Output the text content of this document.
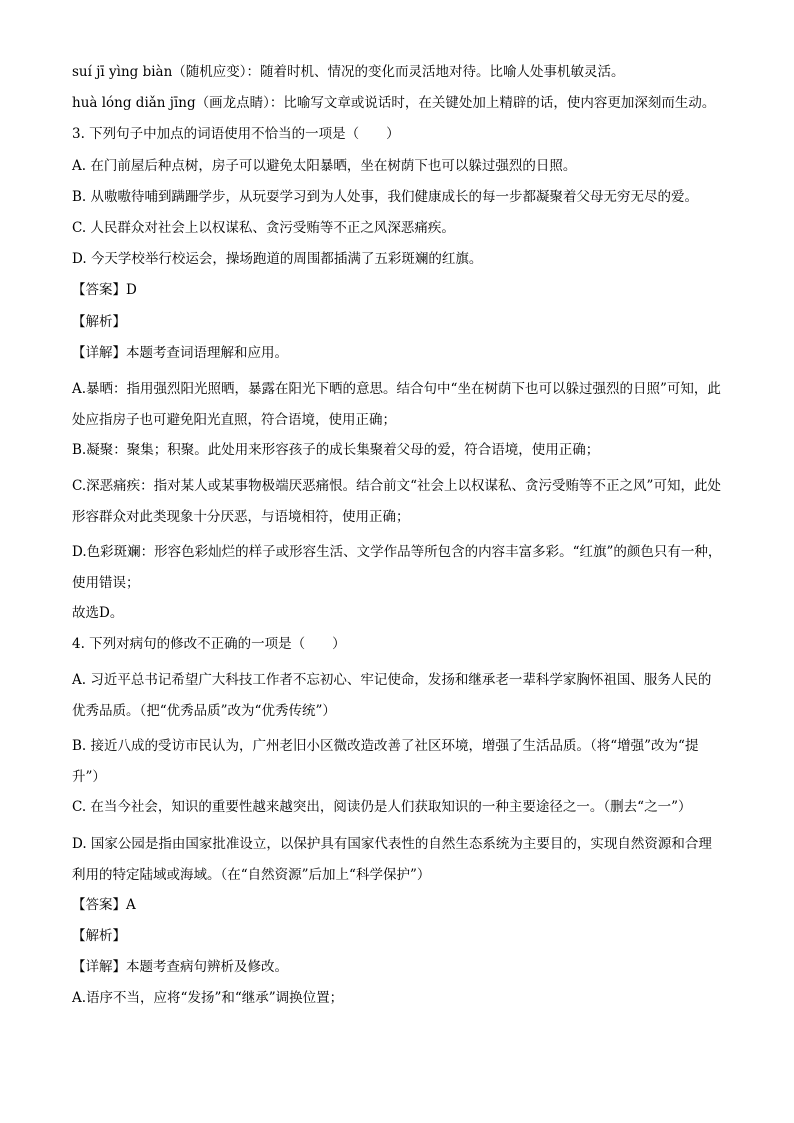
suí jī yìng biàn（随机应变）：随着时机、情况的变化而灵活地对待。比喻人处事机敏灵活。

huà lóng diǎn jīng（画龙点睛）：比喻写文章或说话时，在关键处加上精辟的话，使内容更加深刻而生动。

3. 下列句子中加点的词语使用不恰当的一项是（　　）

A. 在门前屋后种点树，房子可以避免太阳暴晒，坐在树荫下也可以躲过强烈的日照。

B. 从嗷嗷待哺到蹒跚学步，从玩耍学习到为人处事，我们健康成长的每一步都凝聚着父母无穷无尽的爱。

C. 人民群众对社会上以权谋私、贪污受贿等不正之风深恶痛疾。

D. 今天学校举行校运会，操场跑道的周围都插满了五彩斑斓的红旗。

【答案】D

【解析】

【详解】本题考查词语理解和应用。

A.暴晒：指用强烈阳光照晒，暴露在阳光下晒的意思。结合句中“坐在树荫下也可以躲过强烈的日照”可知，此处应指房子也可避免阳光直照，符合语境，使用正确；

B.凝聚：聚集；积聚。此处用来形容孩子的成长集聚着父母的爱，符合语境，使用正确；

C.深恶痛疾：指对某人或某事物极端厌恶痛恨。结合前文“社会上以权谋私、贪污受贿等不正之风”可知，此处形容群众对此类现象十分厌恶，与语境相符，使用正确；

D.色彩斑斓：形容色彩灿烂的样子或形容生活、文学作品等所包含的内容丰富多彩。“红旗”的颜色只有一种，使用错误；

故选D。

4. 下列对病句的修改不正确的一项是（　　）

A. 习近平总书记希望广大科技工作者不忘初心、牢记使命，发扬和继承老一辈科学家胸怀祖国、服务人民的优秀品质。（把“优秀品质”改为“优秀传统”）

B. 接近八成的受访市民认为，广州老旧小区微改造改善了社区环境，增强了生活品质。（将“增强”改为“提升”）

C. 在当今社会，知识的重要性越来越突出，阅读仍是人们获取知识的一种主要途径之一。（删去“之一”）

D. 国家公园是指由国家批准设立，以保护具有国家代表性的自然生态系统为主要目的，实现自然资源和合理利用的特定陆域或海域。（在“自然资源”后加上“科学保护”）

【答案】A

【解析】

【详解】本题考查病句辨析及修改。

A.语序不当，应将“发扬”和“继承”调换位置；
